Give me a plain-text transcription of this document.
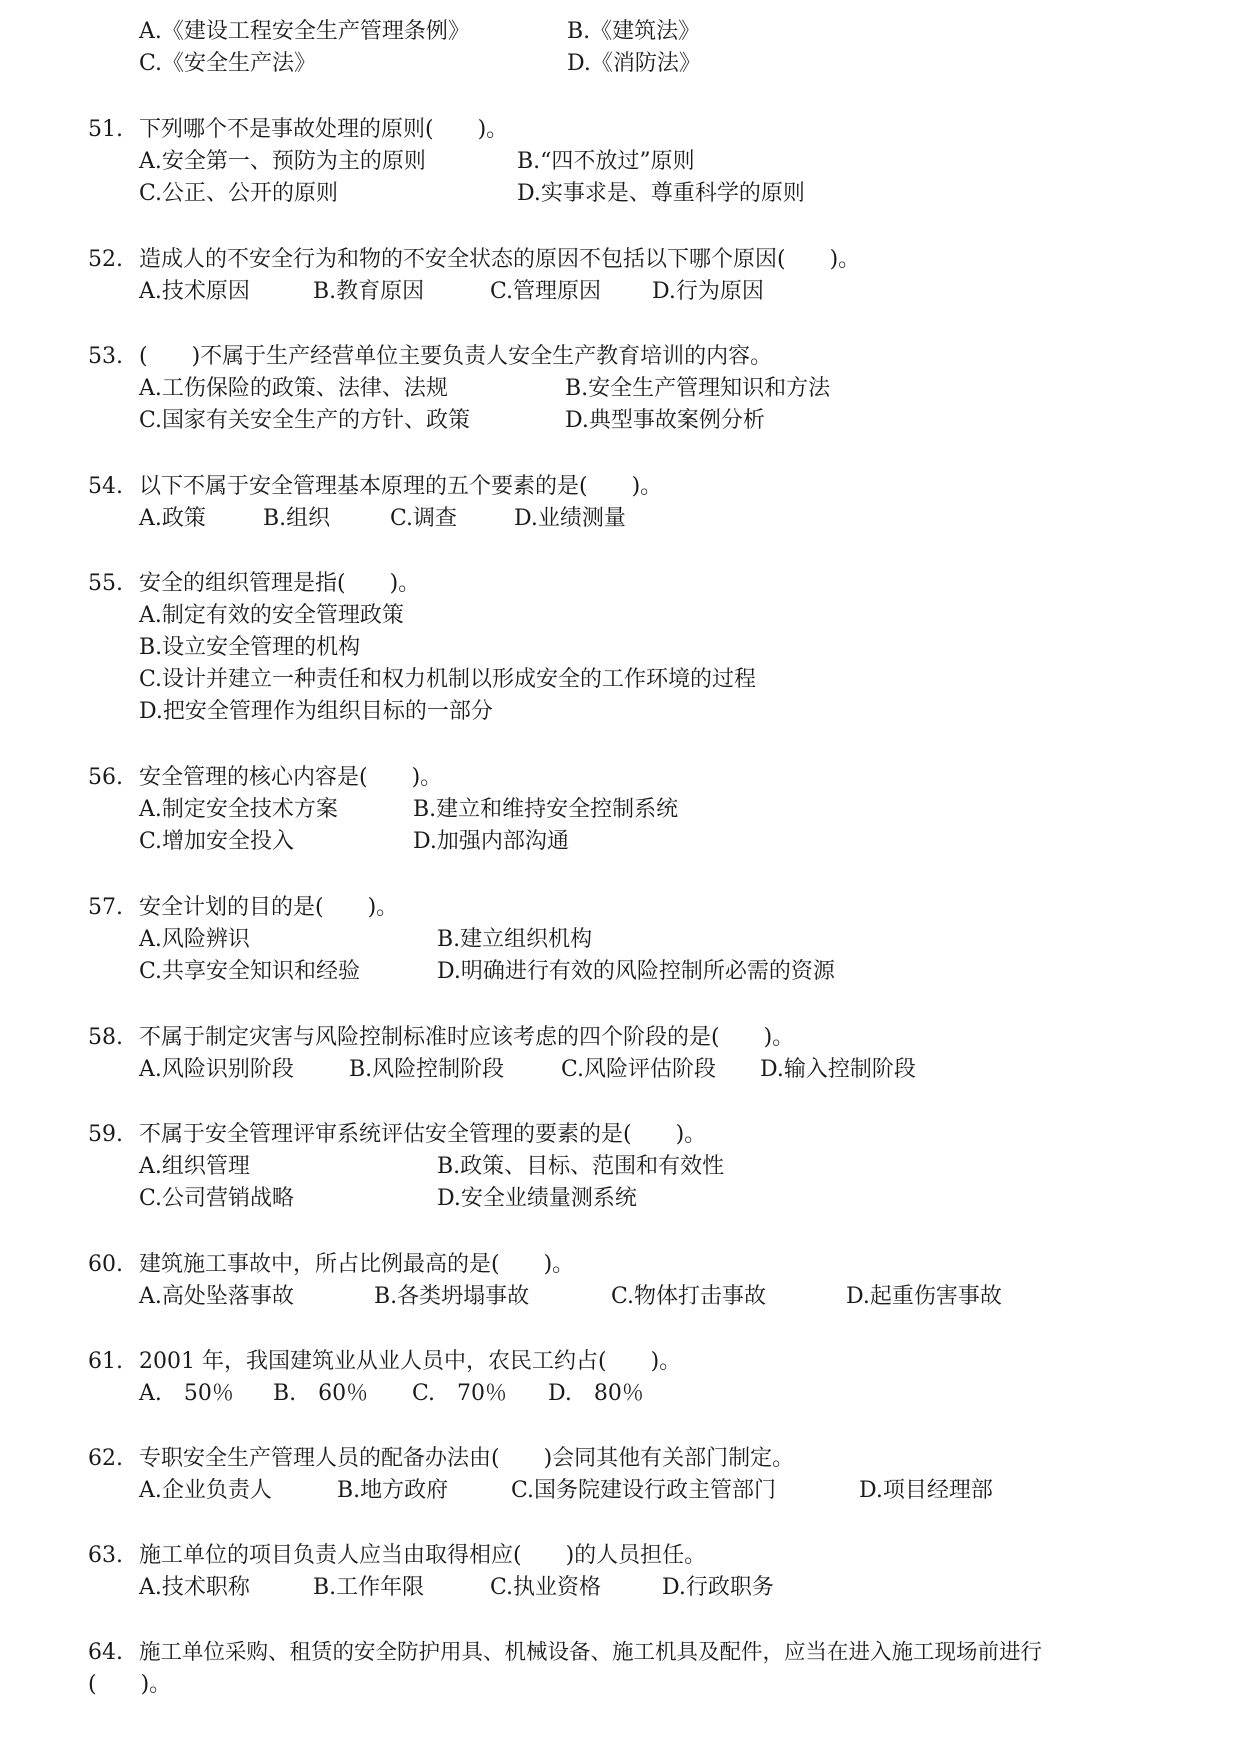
A.《建设工程安全生产管理条例》	B.《建筑法》
C.《安全生产法》	D.《消防法》
51. 下列哪个不是事故处理的原则(　　)。
A.安全第一、预防为主的原则	B.“四不放过”原则
C.公正、公开的原则	D.实事求是、尊重科学的原则
52. 造成人的不安全行为和物的不安全状态的原因不包括以下哪个原因(　　)。
A.技术原因	B.教育原因	C.管理原因 D.行为原因
53. (　　)不属于生产经营单位主要负责人安全生产教育培训的内容。
A.工伤保险的政策、法律、法规	B.安全生产管理知识和方法
C.国家有关安全生产的方针、政策	D.典型事故案例分析
54. 以下不属于安全管理基本原理的五个要素的是(　　)。
A.政策	B.组织	C.调查	D.业绩测量
55. 安全的组织管理是指(　　)。
A.制定有效的安全管理政策
B.设立安全管理的机构
C.设计并建立一种责任和权力机制以形成安全的工作环境的过程
D.把安全管理作为组织目标的一部分
56. 安全管理的核心内容是(　　)。
A.制定安全技术方案	B.建立和维持安全控制系统
C.增加安全投入	D.加强内部沟通
57. 安全计划的目的是(　　)。
A.风险辨识	B.建立组织机构
C.共享安全知识和经验	D.明确进行有效的风险控制所必需的资源
58. 不属于制定灾害与风险控制标准时应该考虑的四个阶段的是(　　)。
A.风险识别阶段	B.风险控制阶段	C.风险评估阶段 D.输入控制阶段
59. 不属于安全管理评审系统评估安全管理的要素的是(　　)。
A.组织管理	B.政策、目标、范围和有效性
C.公司营销战略	D.安全业绩量测系统
60. 建筑施工事故中，所占比例最高的是(　　)。
A.高处坠落事故	B.各类坍塌事故	C.物体打击事故	D.起重伤害事故
61. 2001 年，我国建筑业从业人员中，农民工约占(　　)。
A.　50％ B.　60％ C.　70％ D.　80％
62. 专职安全生产管理人员的配备办法由(　　)会同其他有关部门制定。
A.企业负责人	B.地方政府	C.国务院建设行政主管部门	D.项目经理部
63. 施工单位的项目负责人应当由取得相应(　　)的人员担任。
A.技术职称	B.工作年限	C.执业资格	D.行政职务
64. 施工单位采购、租赁的安全防护用具、机械设备、施工机具及配件，应当在进入施工现场前进行
(　　)。
